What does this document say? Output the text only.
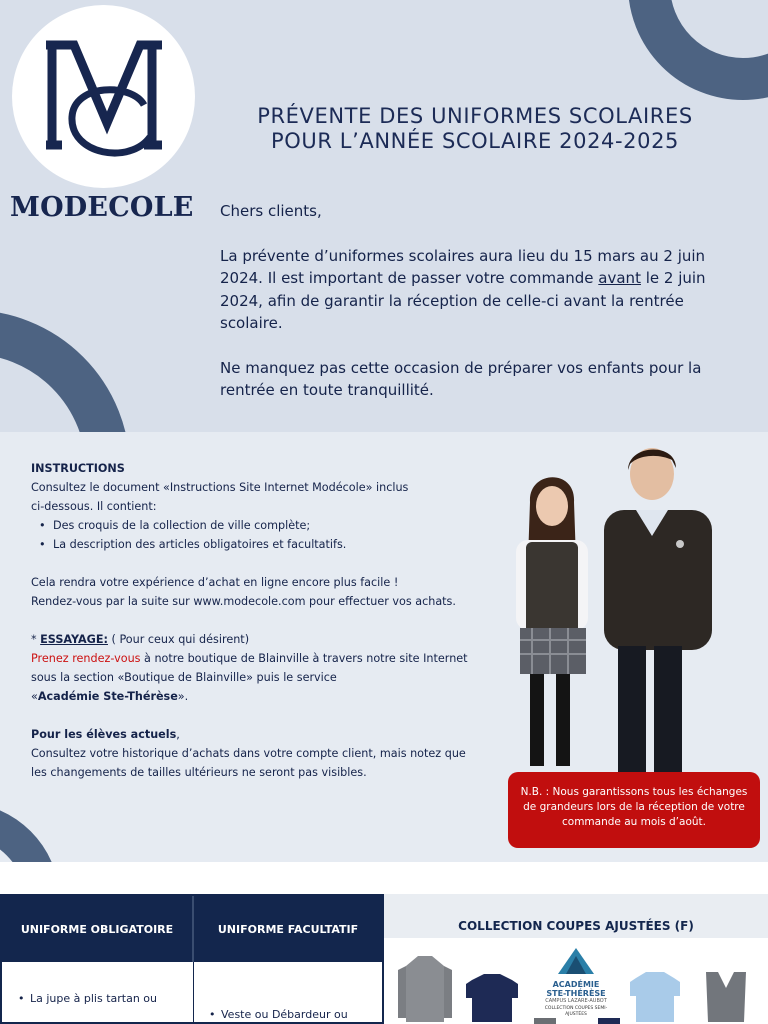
MODECOLE
PRÉVENTE DES UNIFORMES SCOLAIRES
POUR L’ANNÉE SCOLAIRE 2024-2025

Chers clients,

La prévente d’uniformes scolaires aura lieu du 15 mars au 2 juin 2024. Il est important de passer votre commande avant le 2 juin 2024, afin de garantir la réception de celle-ci avant la rentrée scolaire.

Ne manquez pas cette occasion de préparer vos enfants pour la rentrée en toute tranquillité.

INSTRUCTIONS
Consultez le document «Instructions Site Internet Modécole» inclus
ci-dessous. Il contient:
• Des croquis de la collection de ville complète;
• La description des articles obligatoires et facultatifs.
Cela rendra votre expérience d’achat en ligne encore plus facile !
Rendez-vous par la suite sur www.modecole.com pour effectuer vos achats.
* ESSAYAGE: ( Pour ceux qui désirent)
Prenez rendez-vous à notre boutique de Blainville à travers notre site Internet
sous la section «Boutique de Blainville» puis le service
«Académie Ste-Thérèse».
Pour les élèves actuels,
Consultez votre historique d’achats dans votre compte client, mais notez que
les changements de tailles ultérieurs ne seront pas visibles.
N.B. : Nous garantissons tous les échanges de grandeurs lors de la réception de votre commande au mois d’août.
UNIFORME OBLIGATOIRE	UNIFORME FACULTATIF
• La jupe à plis tartan ou
• Veste ou Débardeur ou
COLLECTION COUPES AJUSTÉES (F)
ACADÉMIE
STE-THÉRÈSE
CAMPUS LAZARE-AUBOT
COLLECTION COUPES SEMI-AJUSTÉES
